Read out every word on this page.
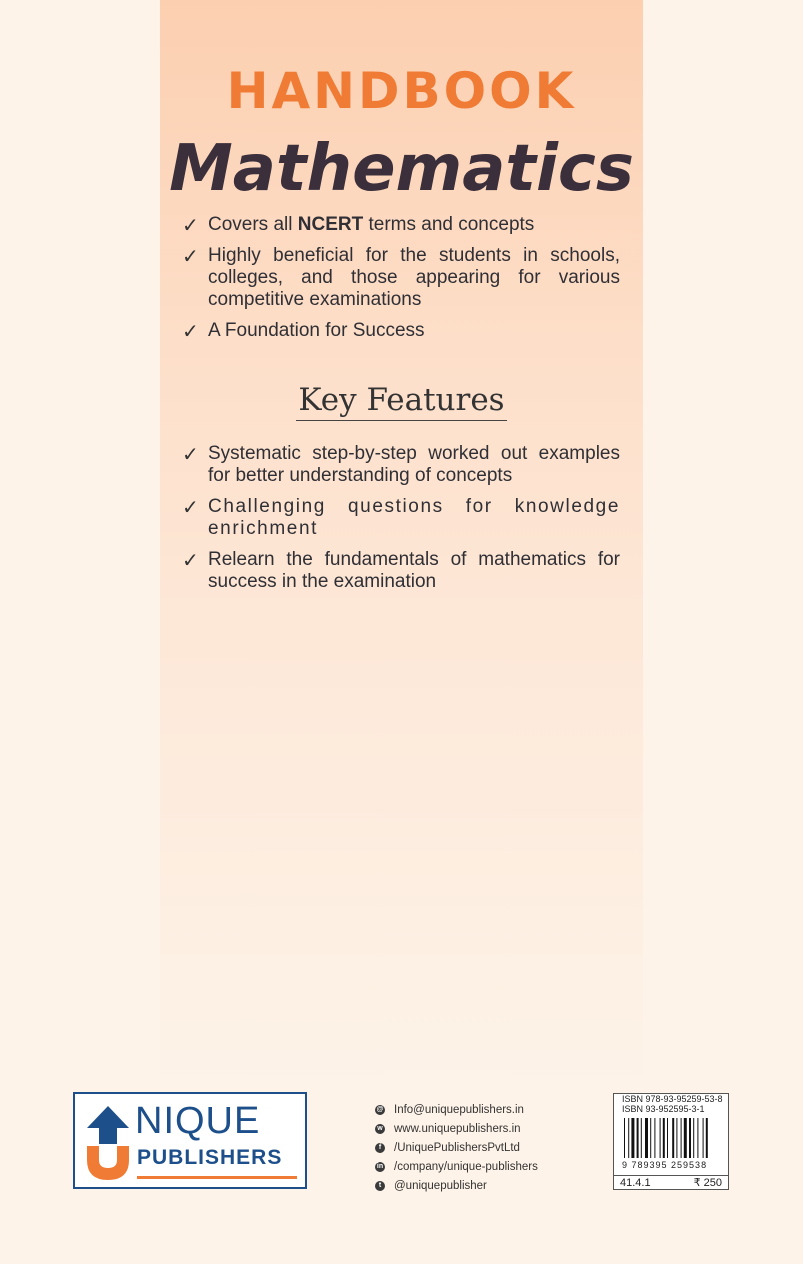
HANDBOOK
Mathematics
✓ Covers all NCERT terms and concepts
✓ Highly beneficial for the students in schools, colleges, and those appearing for various competitive examinations
✓ A Foundation for Success
Key Features
✓ Systematic step-by-step worked out examples for better understanding of concepts
✓ Challenging questions for knowledge enrichment
✓ Relearn the fundamentals of mathematics for success in the examination
NIQUE
PUBLISHERS
@ Info@uniquepublishers.in
w www.uniquepublishers.in
f	/UniquePublishersPvtLtd
in /company/unique-publishers
t	@uniquepublisher
ISBN 978-93-95259-53-8
ISBN 93-952595-3-1
9 789395 259538
41.4.1	₹ 250
